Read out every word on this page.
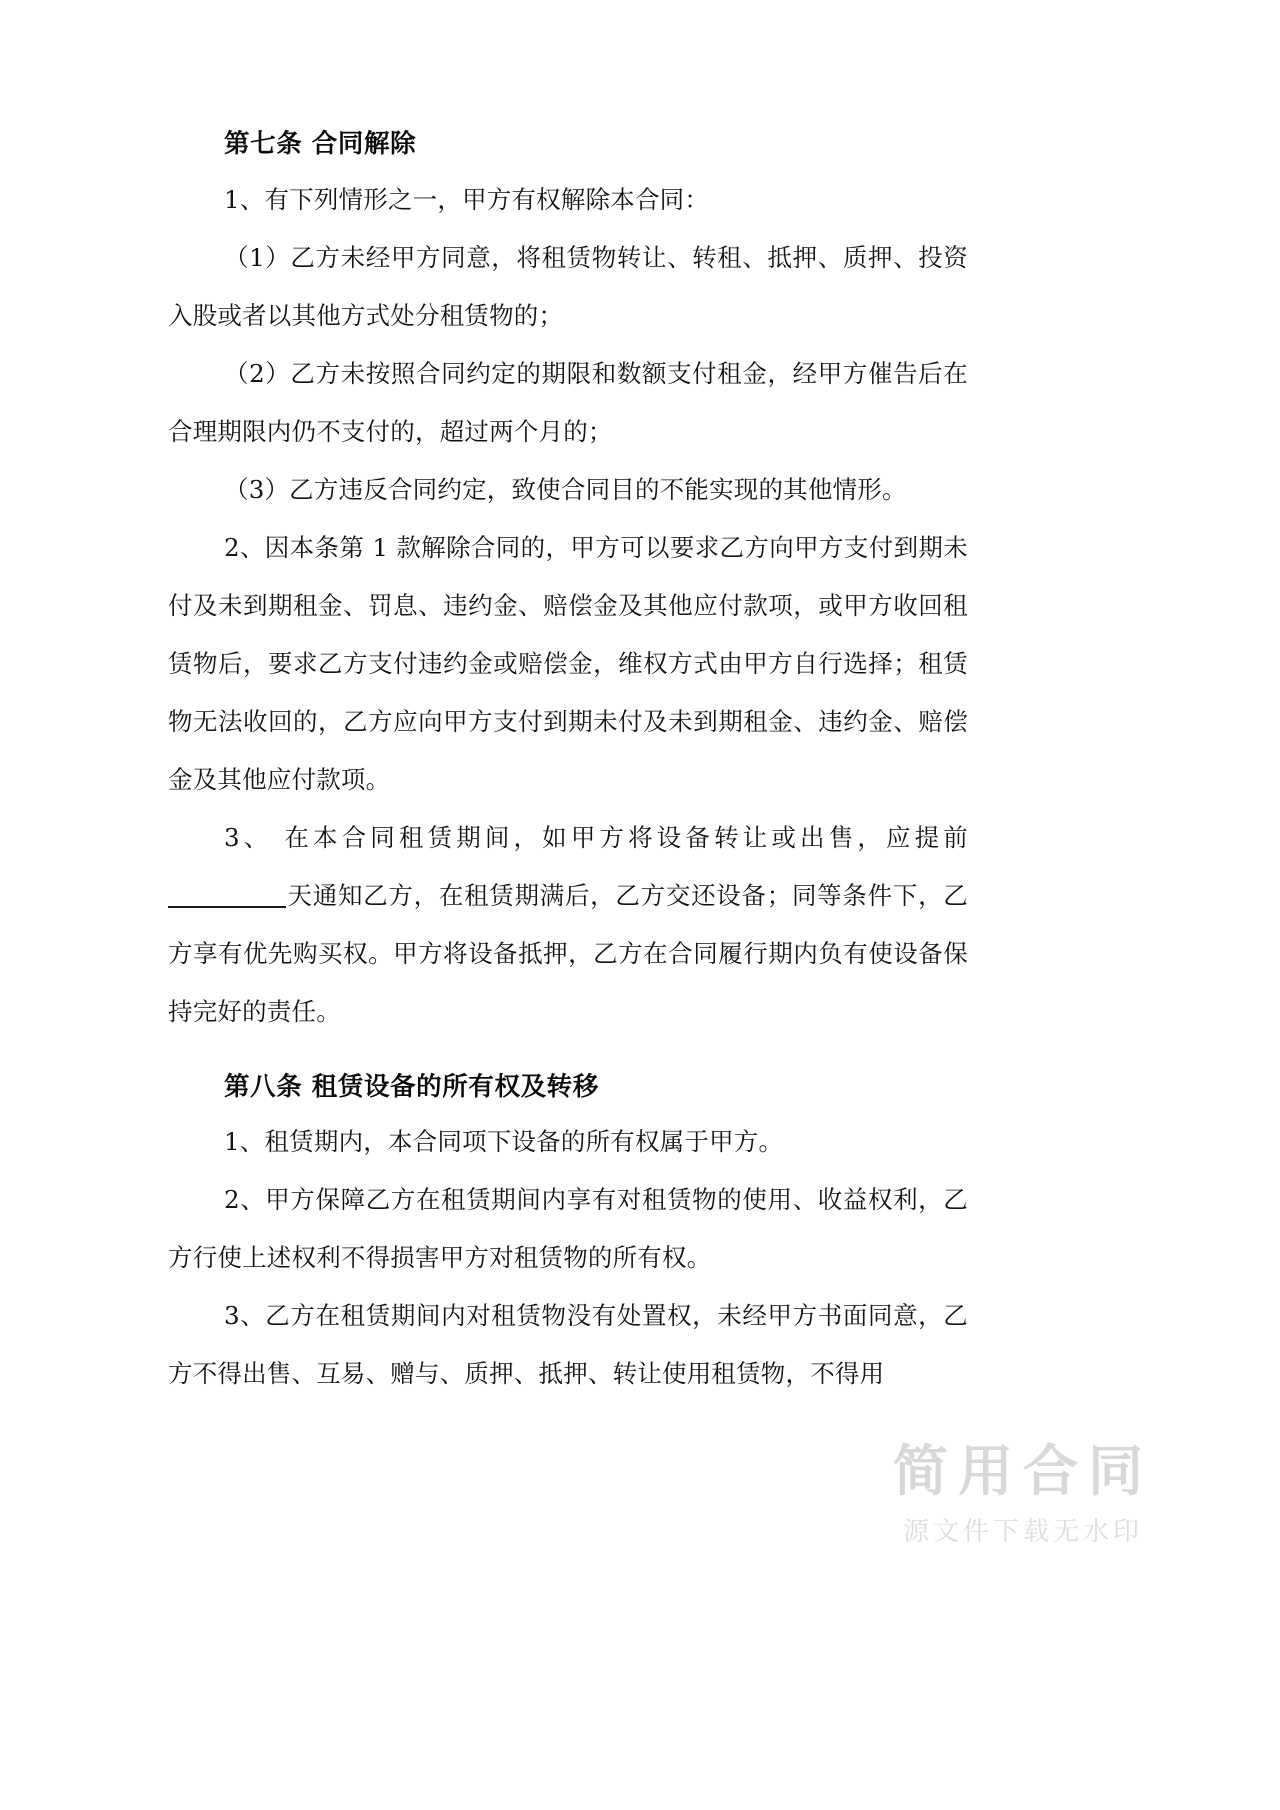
第七条 合同解除

1、有下列情形之一，甲方有权解除本合同：

（1）乙方未经甲方同意，将租赁物转让、转租、抵押、质押、投资入股或者以其他方式处分租赁物的；

（2）乙方未按照合同约定的期限和数额支付租金，经甲方催告后在合理期限内仍不支付的，超过两个月的；

（3）乙方违反合同约定，致使合同目的不能实现的其他情形。

2、因本条第 1 款解除合同的，甲方可以要求乙方向甲方支付到期未付及未到期租金、罚息、违约金、赔偿金及其他应付款项，或甲方收回租赁物后，要求乙方支付违约金或赔偿金，维权方式由甲方自行选择；租赁物无法收回的，乙方应向甲方支付到期未付及未到期租金、违约金、赔偿金及其他应付款项。

3、 在本合同租赁期间，如甲方将设备转让或出售，应提前天通知乙方，在租赁期满后，乙方交还设备；同等条件下，乙方享有优先购买权。甲方将设备抵押，乙方在合同履行期内负有使设备保持完好的责任。

第八条 租赁设备的所有权及转移

1、租赁期内，本合同项下设备的所有权属于甲方。

2、甲方保障乙方在租赁期间内享有对租赁物的使用、收益权利，乙方行使上述权利不得损害甲方对租赁物的所有权。

3、乙方在租赁期间内对租赁物没有处置权，未经甲方书面同意，乙方不得出售、互易、赠与、质押、抵押、转让使用租赁物，不得用

简用合同
源文件下载无水印
